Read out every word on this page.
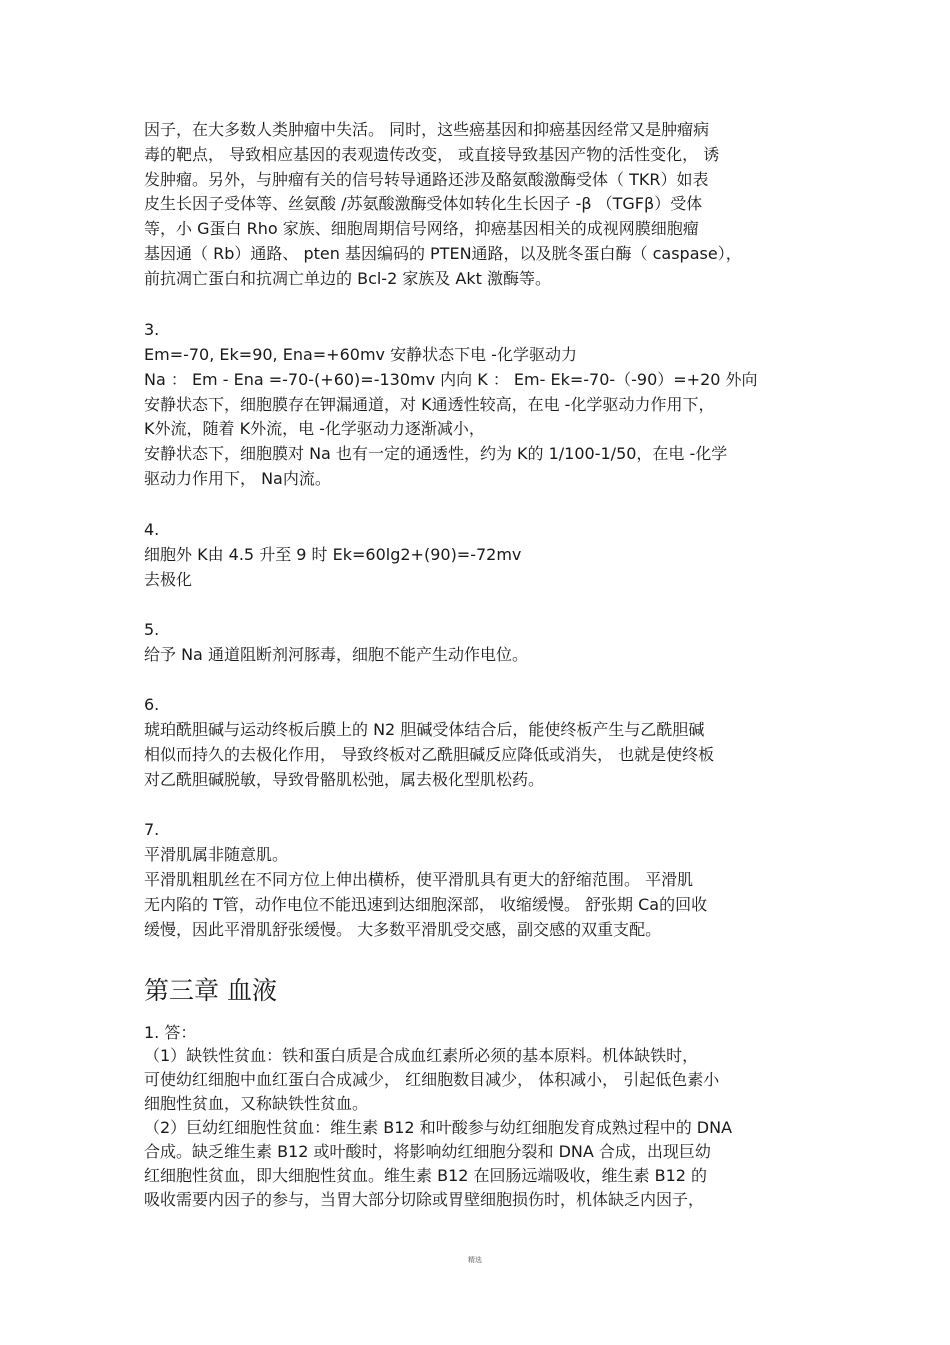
因子，在大多数人类肿瘤中失活。 同时，这些癌基因和抑癌基因经常又是肿瘤病
毒的靶点， 导致相应基因的表观遗传改变， 或直接导致基因产物的活性变化， 诱
发肿瘤。另外，与肿瘤有关的信号转导通路还涉及酪氨酸激酶受体（ TKR）如表
皮生长因子受体等、丝氨酸 /苏氨酸激酶受体如转化生长因子 -β （TGFβ）受体
等，小 G蛋白 Rho 家族、细胞周期信号网络，抑癌基因相关的成视网膜细胞瘤
基因通（ Rb）通路、 pten 基因编码的 PTEN通路，以及胱冬蛋白酶（ caspase），
前抗凋亡蛋白和抗凋亡单边的 Bcl-2 家族及 Akt 激酶等。
3.
Em=-70, Ek=90, Ena=+60mv 安静状态下电 -化学驱动力
Na ： Em - Ena =-70-(+60)=-130mv 内向 K ： Em- Ek=-70-（-90）=+20 外向
安静状态下，细胞膜存在钾漏通道，对 K通透性较高，在电 -化学驱动力作用下，
K外流，随着 K外流，电 -化学驱动力逐渐减小，
安静状态下，细胞膜对 Na 也有一定的通透性，约为 K的 1/100-1/50，在电 -化学
驱动力作用下， Na内流。
4.
细胞外 K由 4.5 升至 9 时 Ek=60lg2+(90)=-72mv
去极化
5.
给予 Na 通道阻断剂河豚毒，细胞不能产生动作电位。
6.
琥珀酰胆碱与运动终板后膜上的 N2 胆碱受体结合后，能使终板产生与乙酰胆碱
相似而持久的去极化作用， 导致终板对乙酰胆碱反应降低或消失， 也就是使终板
对乙酰胆碱脱敏，导致骨骼肌松弛，属去极化型肌松药。
7.
平滑肌属非随意肌。
平滑肌粗肌丝在不同方位上伸出横桥，使平滑肌具有更大的舒缩范围。 平滑肌
无内陷的 T管，动作电位不能迅速到达细胞深部， 收缩缓慢。 舒张期 Ca的回收
缓慢，因此平滑肌舒张缓慢。 大多数平滑肌受交感，副交感的双重支配。
第三章 血液
1. 答：
（1）缺铁性贫血：铁和蛋白质是合成血红素所必须的基本原料。机体缺铁时，
可使幼红细胞中血红蛋白合成减少， 红细胞数目减少， 体积减小， 引起低色素小
细胞性贫血，又称缺铁性贫血。
（2）巨幼红细胞性贫血：维生素 B12 和叶酸参与幼红细胞发育成熟过程中的 DNA
合成。缺乏维生素 B12 或叶酸时，将影响幼红细胞分裂和 DNA 合成，出现巨幼
红细胞性贫血，即大细胞性贫血。维生素 B12 在回肠远端吸收，维生素 B12 的
吸收需要内因子的参与，当胃大部分切除或胃壁细胞损伤时，机体缺乏内因子，
精选
